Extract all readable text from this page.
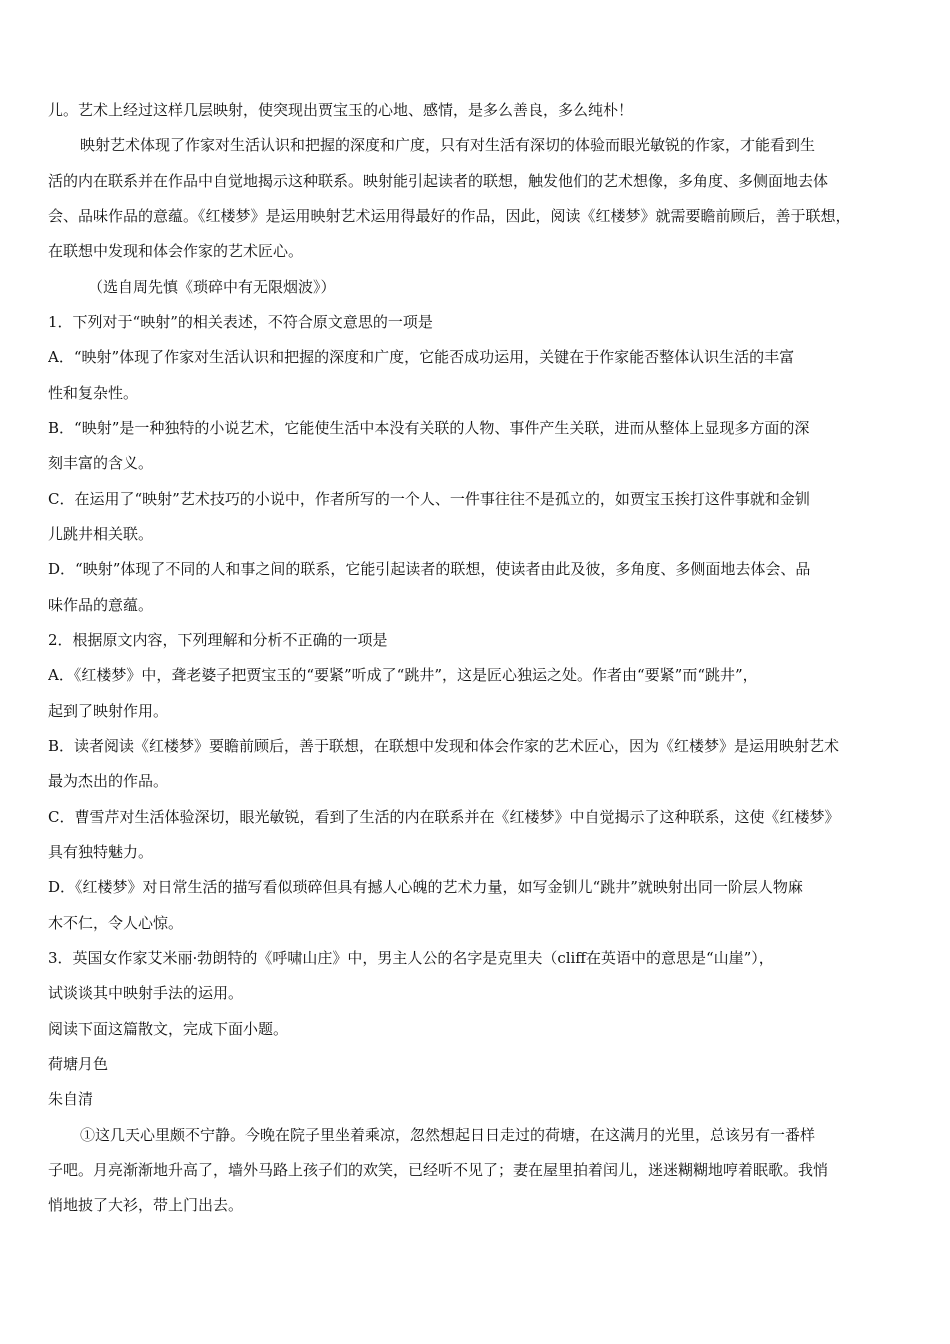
儿。艺术上经过这样几层映射，使突现出贾宝玉的心地、感情，是多么善良，多么纯朴！
映射艺术体现了作家对生活认识和把握的深度和广度，只有对生活有深切的体验而眼光敏锐的作家，才能看到生
活的内在联系并在作品中自觉地揭示这种联系。映射能引起读者的联想，触发他们的艺术想像，多角度、多侧面地去体
会、品味作品的意蕴。《红楼梦》是运用映射艺术运用得最好的作品，因此，阅读《红楼梦》就需要瞻前顾后，善于联想，
在联想中发现和体会作家的艺术匠心。
（选自周先慎《琐碎中有无限烟波》）
1．下列对于“映射”的相关表述，不符合原文意思的一项是
A．“映射”体现了作家对生活认识和把握的深度和广度，它能否成功运用，关键在于作家能否整体认识生活的丰富
性和复杂性。
B．“映射”是一种独特的小说艺术，它能使生活中本没有关联的人物、事件产生关联，进而从整体上显现多方面的深
刻丰富的含义。
C．在运用了“映射”艺术技巧的小说中，作者所写的一个人、一件事往往不是孤立的，如贾宝玉挨打这件事就和金钏
儿跳井相关联。
D．“映射”体现了不同的人和事之间的联系，它能引起读者的联想，使读者由此及彼，多角度、多侧面地去体会、品
味作品的意蕴。
2．根据原文内容，下列理解和分析不正确的一项是
A．《红楼梦》中，聋老婆子把贾宝玉的“要紧”听成了“跳井”，这是匠心独运之处。作者由“要紧”而“跳井”，
起到了映射作用。
B．读者阅读《红楼梦》要瞻前顾后，善于联想，在联想中发现和体会作家的艺术匠心，因为《红楼梦》是运用映射艺术
最为杰出的作品。
C．曹雪芹对生活体验深切，眼光敏锐，看到了生活的内在联系并在《红楼梦》中自觉揭示了这种联系，这使《红楼梦》
具有独特魅力。
D．《红楼梦》对日常生活的描写看似琐碎但具有撼人心魄的艺术力量，如写金钏儿“跳井”就映射出同一阶层人物麻
木不仁，令人心惊。
3．英国女作家艾米丽·勃朗特的《呼啸山庄》中，男主人公的名字是克里夫（cliff在英语中的意思是“山崖”），
试谈谈其中映射手法的运用。
阅读下面这篇散文，完成下面小题。
荷塘月色
朱自清
①这几天心里颇不宁静。今晚在院子里坐着乘凉，忽然想起日日走过的荷塘，在这满月的光里，总该另有一番样
子吧。月亮渐渐地升高了，墙外马路上孩子们的欢笑，已经听不见了；妻在屋里拍着闰儿，迷迷糊糊地哼着眠歌。我悄
悄地披了大衫，带上门出去。
